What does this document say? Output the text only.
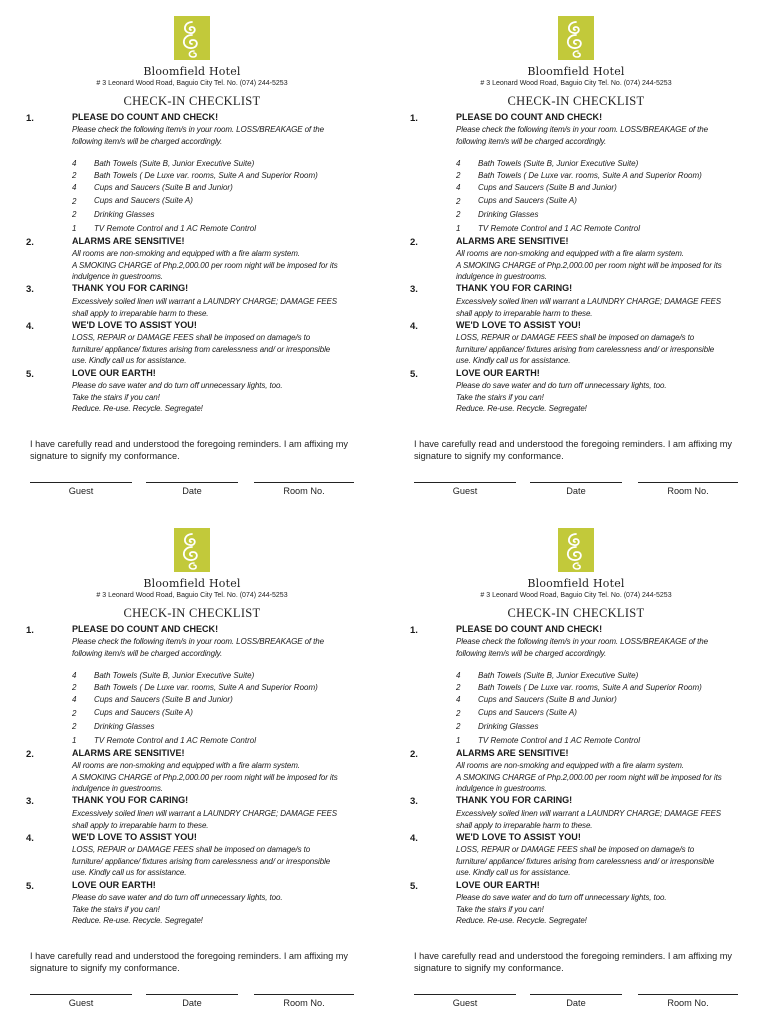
Bloomfield Hotel
# 3 Leonard Wood Road, Baguio City Tel. No. (074) 244-5253
CHECK-IN CHECKLIST
1.	PLEASE DO COUNT AND CHECK!
Please check the following item/s in your room. LOSS/BREAKAGE of the
following item/s will be charged accordingly.
4 Bath Towels (Suite B, Junior Executive Suite)
2 Bath Towels ( De Luxe var. rooms, Suite A and Superior Room)
4 Cups and Saucers (Suite B and Junior)
2 Cups and Saucers (Suite A)
2 Drinking Glasses
1 TV Remote Control and 1 AC Remote Control
2.	ALARMS ARE SENSITIVE!
All rooms are non-smoking and equipped with a fire alarm system.
A SMOKING CHARGE of Php.2,000.00 per room night will be imposed for its
indulgence in guestrooms.
3.	THANK YOU FOR CARING!
Excessively soiled linen will warrant a LAUNDRY CHARGE; DAMAGE FEES
shall apply to irreparable harm to these.
4.	WE'D LOVE TO ASSIST YOU!
LOSS, REPAIR or DAMAGE FEES shall be imposed on damage/s to
furniture/ appliance/ fixtures arising from carelessness and/ or irresponsible
use. Kindly call us for assistance.
5.	LOVE OUR EARTH!
Please do save water and do turn off unnecessary lights, too.
Take the stairs if you can!
Reduce. Re-use. Recycle. Segregate!
I have carefully read and understood the foregoing reminders. I am affixing my signature to signify my conformance.
Guest	Date	Room No.
Bloomfield Hotel
# 3 Leonard Wood Road, Baguio City Tel. No. (074) 244-5253
CHECK-IN CHECKLIST
1.	PLEASE DO COUNT AND CHECK!
Please check the following item/s in your room. LOSS/BREAKAGE of the
following item/s will be charged accordingly.
4 Bath Towels (Suite B, Junior Executive Suite)
2 Bath Towels ( De Luxe var. rooms, Suite A and Superior Room)
4 Cups and Saucers (Suite B and Junior)
2 Cups and Saucers (Suite A)
2 Drinking Glasses
1 TV Remote Control and 1 AC Remote Control
2.	ALARMS ARE SENSITIVE!
All rooms are non-smoking and equipped with a fire alarm system.
A SMOKING CHARGE of Php.2,000.00 per room night will be imposed for its
indulgence in guestrooms.
3.	THANK YOU FOR CARING!
Excessively soiled linen will warrant a LAUNDRY CHARGE; DAMAGE FEES
shall apply to irreparable harm to these.
4.	WE'D LOVE TO ASSIST YOU!
LOSS, REPAIR or DAMAGE FEES shall be imposed on damage/s to
furniture/ appliance/ fixtures arising from carelessness and/ or irresponsible
use. Kindly call us for assistance.
5.	LOVE OUR EARTH!
Please do save water and do turn off unnecessary lights, too.
Take the stairs if you can!
Reduce. Re-use. Recycle. Segregate!
I have carefully read and understood the foregoing reminders. I am affixing my signature to signify my conformance.
Guest	Date	Room No.
Bloomfield Hotel
# 3 Leonard Wood Road, Baguio City Tel. No. (074) 244-5253
CHECK-IN CHECKLIST
1.	PLEASE DO COUNT AND CHECK!
Please check the following item/s in your room. LOSS/BREAKAGE of the
following item/s will be charged accordingly.
4 Bath Towels (Suite B, Junior Executive Suite)
2 Bath Towels ( De Luxe var. rooms, Suite A and Superior Room)
4 Cups and Saucers (Suite B and Junior)
2 Cups and Saucers (Suite A)
2 Drinking Glasses
1 TV Remote Control and 1 AC Remote Control
2.	ALARMS ARE SENSITIVE!
All rooms are non-smoking and equipped with a fire alarm system.
A SMOKING CHARGE of Php.2,000.00 per room night will be imposed for its
indulgence in guestrooms.
3.	THANK YOU FOR CARING!
Excessively soiled linen will warrant a LAUNDRY CHARGE; DAMAGE FEES
shall apply to irreparable harm to these.
4.	WE'D LOVE TO ASSIST YOU!
LOSS, REPAIR or DAMAGE FEES shall be imposed on damage/s to
furniture/ appliance/ fixtures arising from carelessness and/ or irresponsible
use. Kindly call us for assistance.
5.	LOVE OUR EARTH!
Please do save water and do turn off unnecessary lights, too.
Take the stairs if you can!
Reduce. Re-use. Recycle. Segregate!
I have carefully read and understood the foregoing reminders. I am affixing my signature to signify my conformance.
Guest	Date	Room No.
Bloomfield Hotel
# 3 Leonard Wood Road, Baguio City Tel. No. (074) 244-5253
CHECK-IN CHECKLIST
1.	PLEASE DO COUNT AND CHECK!
Please check the following item/s in your room. LOSS/BREAKAGE of the
following item/s will be charged accordingly.
4 Bath Towels (Suite B, Junior Executive Suite)
2 Bath Towels ( De Luxe var. rooms, Suite A and Superior Room)
4 Cups and Saucers (Suite B and Junior)
2 Cups and Saucers (Suite A)
2 Drinking Glasses
1 TV Remote Control and 1 AC Remote Control
2.	ALARMS ARE SENSITIVE!
All rooms are non-smoking and equipped with a fire alarm system.
A SMOKING CHARGE of Php.2,000.00 per room night will be imposed for its
indulgence in guestrooms.
3.	THANK YOU FOR CARING!
Excessively soiled linen will warrant a LAUNDRY CHARGE; DAMAGE FEES
shall apply to irreparable harm to these.
4.	WE'D LOVE TO ASSIST YOU!
LOSS, REPAIR or DAMAGE FEES shall be imposed on damage/s to
furniture/ appliance/ fixtures arising from carelessness and/ or irresponsible
use. Kindly call us for assistance.
5.	LOVE OUR EARTH!
Please do save water and do turn off unnecessary lights, too.
Take the stairs if you can!
Reduce. Re-use. Recycle. Segregate!
I have carefully read and understood the foregoing reminders. I am affixing my signature to signify my conformance.
Guest	Date	Room No.
